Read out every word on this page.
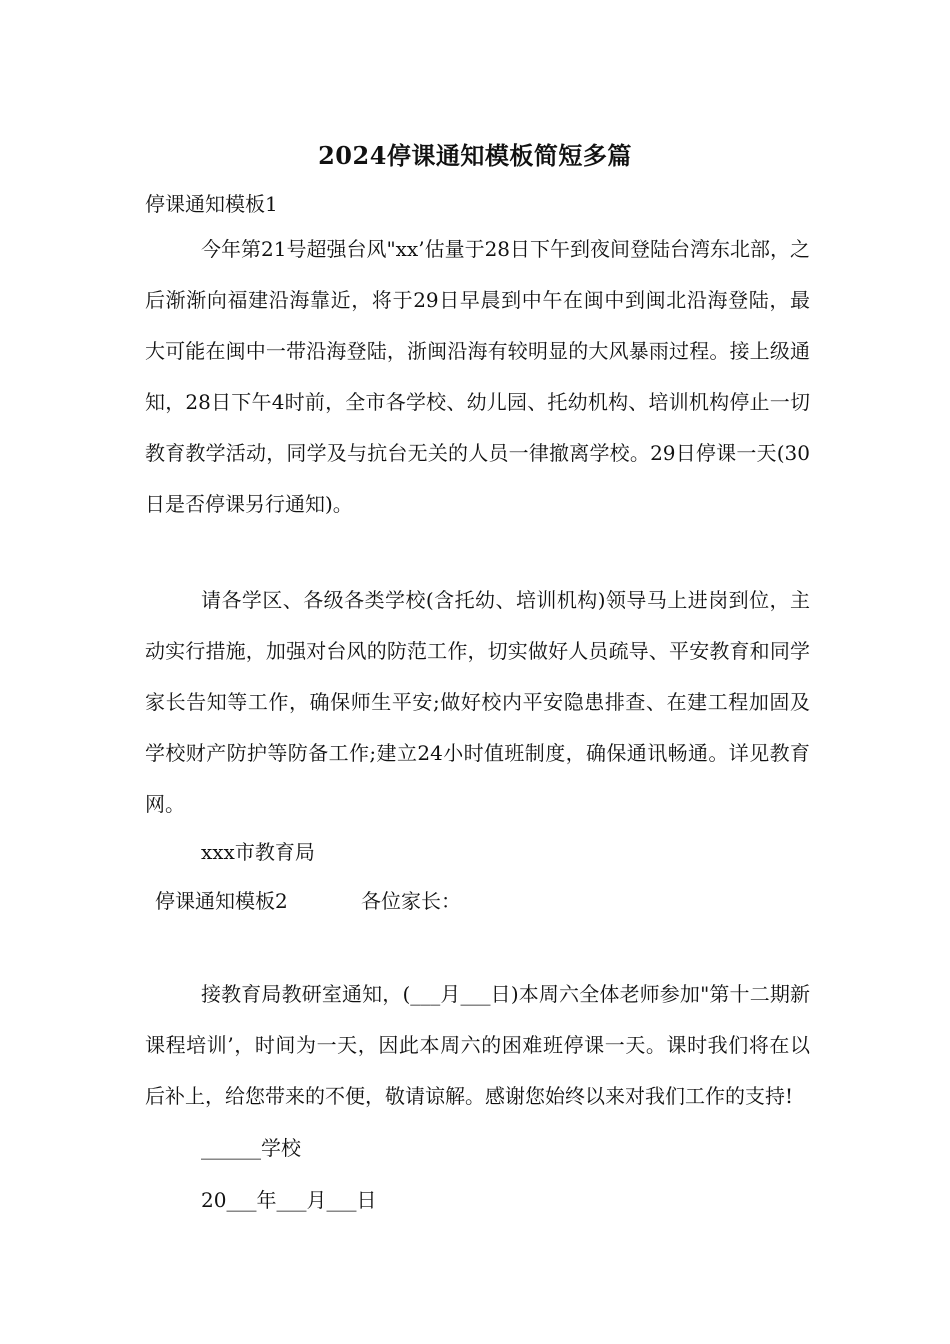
2024停课通知模板简短多篇
停课通知模板1
今年第21号超强台风"xx’估量于28日下午到夜间登陆台湾东北部，之后渐渐向福建沿海靠近，将于29日早晨到中午在闽中到闽北沿海登陆，最大可能在闽中一带沿海登陆，浙闽沿海有较明显的大风暴雨过程。接上级通知，28日下午4时前，全市各学校、幼儿园、托幼机构、培训机构停止一切教育教学活动，同学及与抗台无关的人员一律撤离学校。29日停课一天(30日是否停课另行通知)。
请各学区、各级各类学校(含托幼、培训机构)领导马上进岗到位，主动实行措施，加强对台风的防范工作，切实做好人员疏导、平安教育和同学家长告知等工作，确保师生平安;做好校内平安隐患排查、在建工程加固及学校财产防护等防备工作;建立24小时值班制度，确保通讯畅通。详见教育网。
xxx市教育局
停课通知模板2	各位家长：
接教育局教研室通知，(___月___日)本周六全体老师参加"第十二期新课程培训’，时间为一天，因此本周六的困难班停课一天。课时我们将在以后补上，给您带来的不便，敬请谅解。感谢您始终以来对我们工作的支持!
______学校
20___年___月___日
